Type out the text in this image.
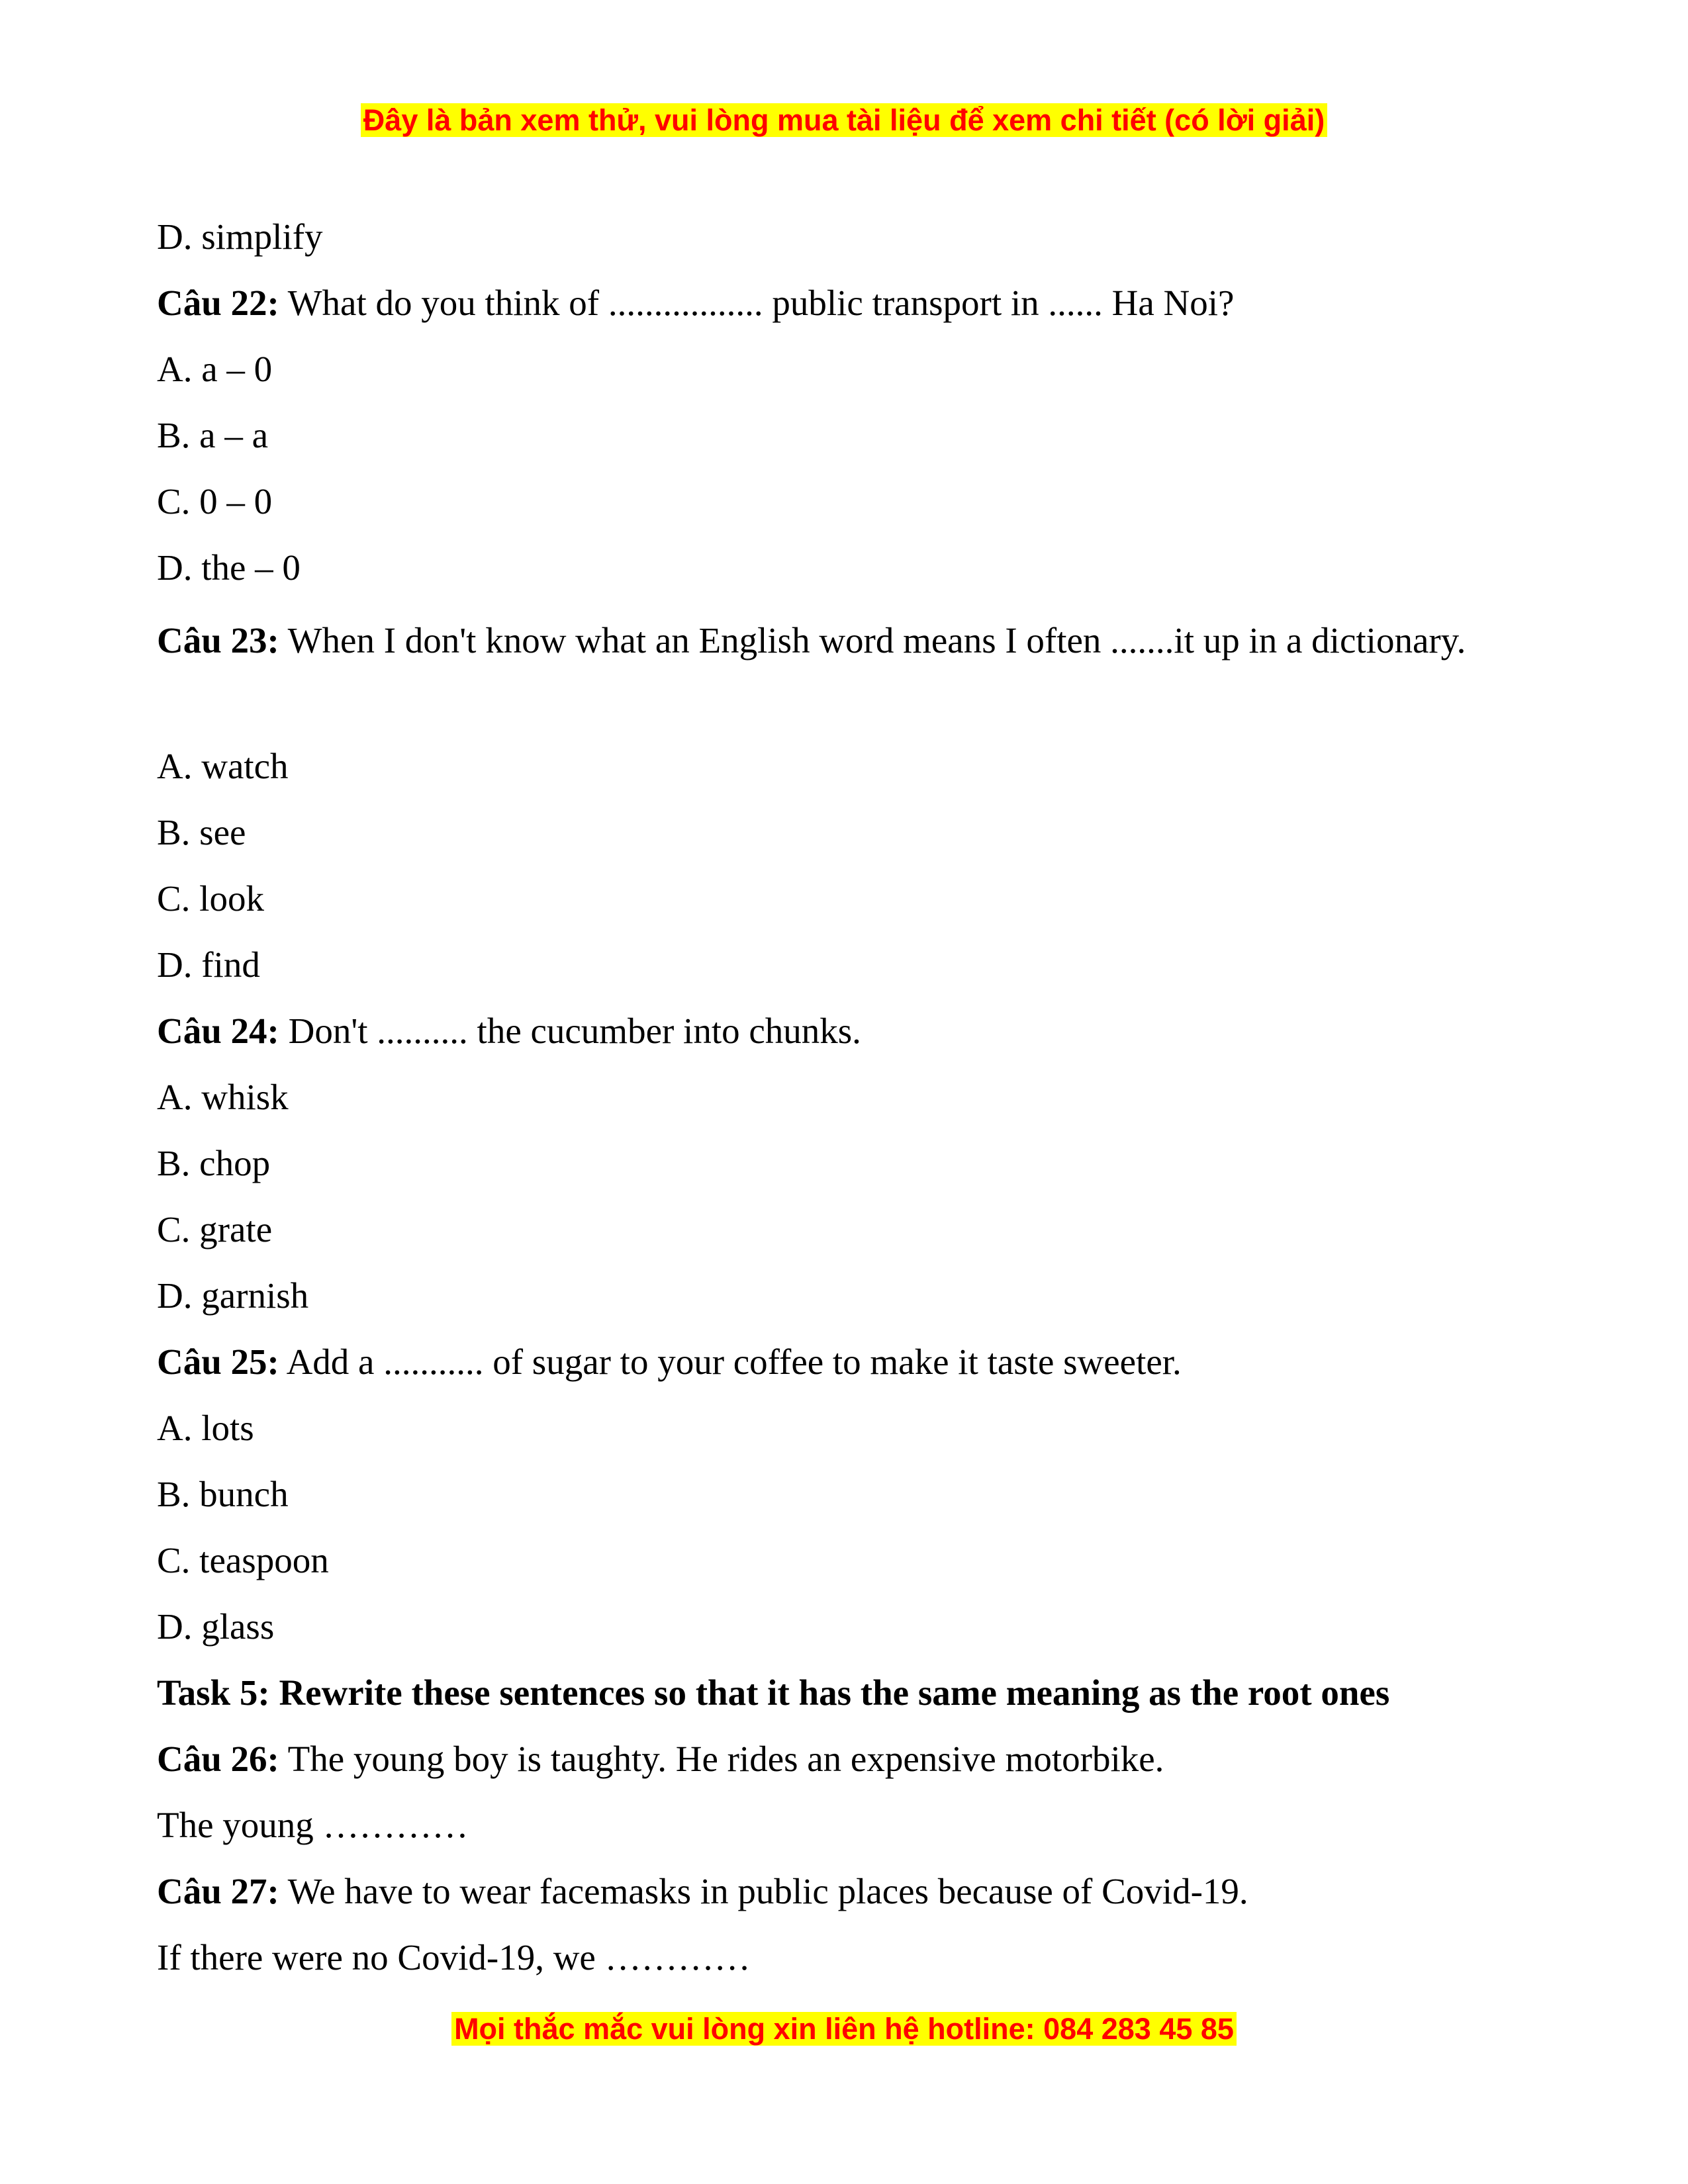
Đây là bản xem thử, vui lòng mua tài liệu để xem chi tiết (có lời giải)
D. simplify
Câu 22: What do you think of ................. public transport in ...... Ha Noi?
A. a – 0
B. a – a
C. 0 – 0
D. the – 0
Câu 23: When I don't know what an English word means I often .......it up in a dictionary.
A. watch
B. see
C. look
D. find
Câu 24: Don't .......... the cucumber into chunks.
A. whisk
B. chop
C. grate
D. garnish
Câu 25: Add a ........... of sugar to your coffee to make it taste sweeter.
A. lots
B. bunch
C. teaspoon
D. glass
Task 5: Rewrite these sentences so that it has the same meaning as the root ones
Câu 26: The young boy is taughty. He rides an expensive motorbike.
The young …………
Câu 27: We have to wear facemasks in public places because of Covid-19.
If there were no Covid-19, we …………
Mọi thắc mắc vui lòng xin liên hệ hotline: 084 283 45 85
